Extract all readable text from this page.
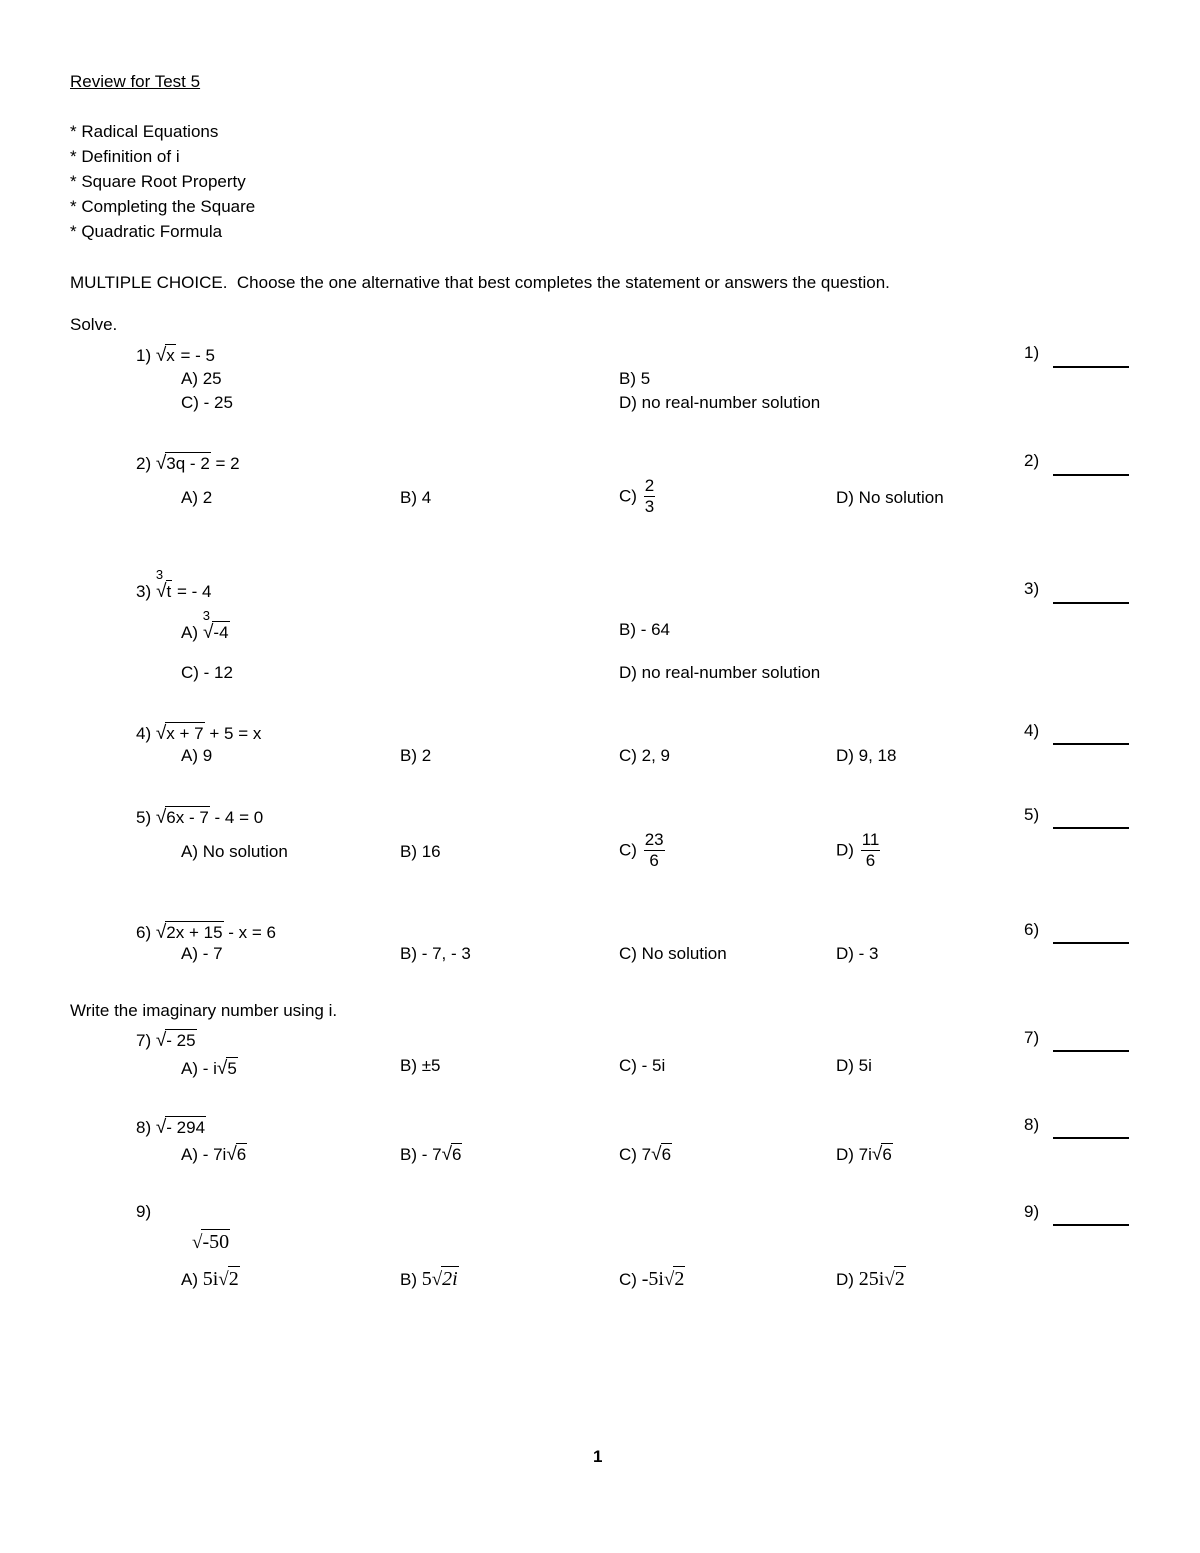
Review for Test 5
* Radical Equations
* Definition of i
* Square Root Property
* Completing the Square
* Quadratic Formula
MULTIPLE CHOICE. Choose the one alternative that best completes the statement or answers the question.
Solve.
1) √x = - 5
A) 25	B) 5
C) - 25	D) no real-number solution
1)
2) √3q - 2 = 2
A) 2	B) 4	$C) \frac{2}{3}$	D) No solution
2)
3) $^3$√t = - 4
A) $^3$√-4	B) - 64
C) - 12	D) no real-number solution
3)
4) √x + 7 + 5 = x
A) 9	B) 2	C) 2, 9	D) 9, 18
4)
5) √6x - 7 - 4 = 0
A) No solution	B) 16	$C) \frac{23}{6}$	$D) \frac{11}{6}$
5)
6) √2x + 15 - x = 6
A) - 7	B) - 7, - 3	C) No solution	D) - 3
6)
Write the imaginary number using i.
7) √- 25
A) - i√5	B) ±5	C) - 5i	D) 5i
7)
8) √- 294
A) - 7i√6	B) - 7√6	C) 7√6	D) 7i√6
8)
9)
√-50
A) 5i√2	B) 5√2i	C) -5i√2	D) 25i√2
9)
1
